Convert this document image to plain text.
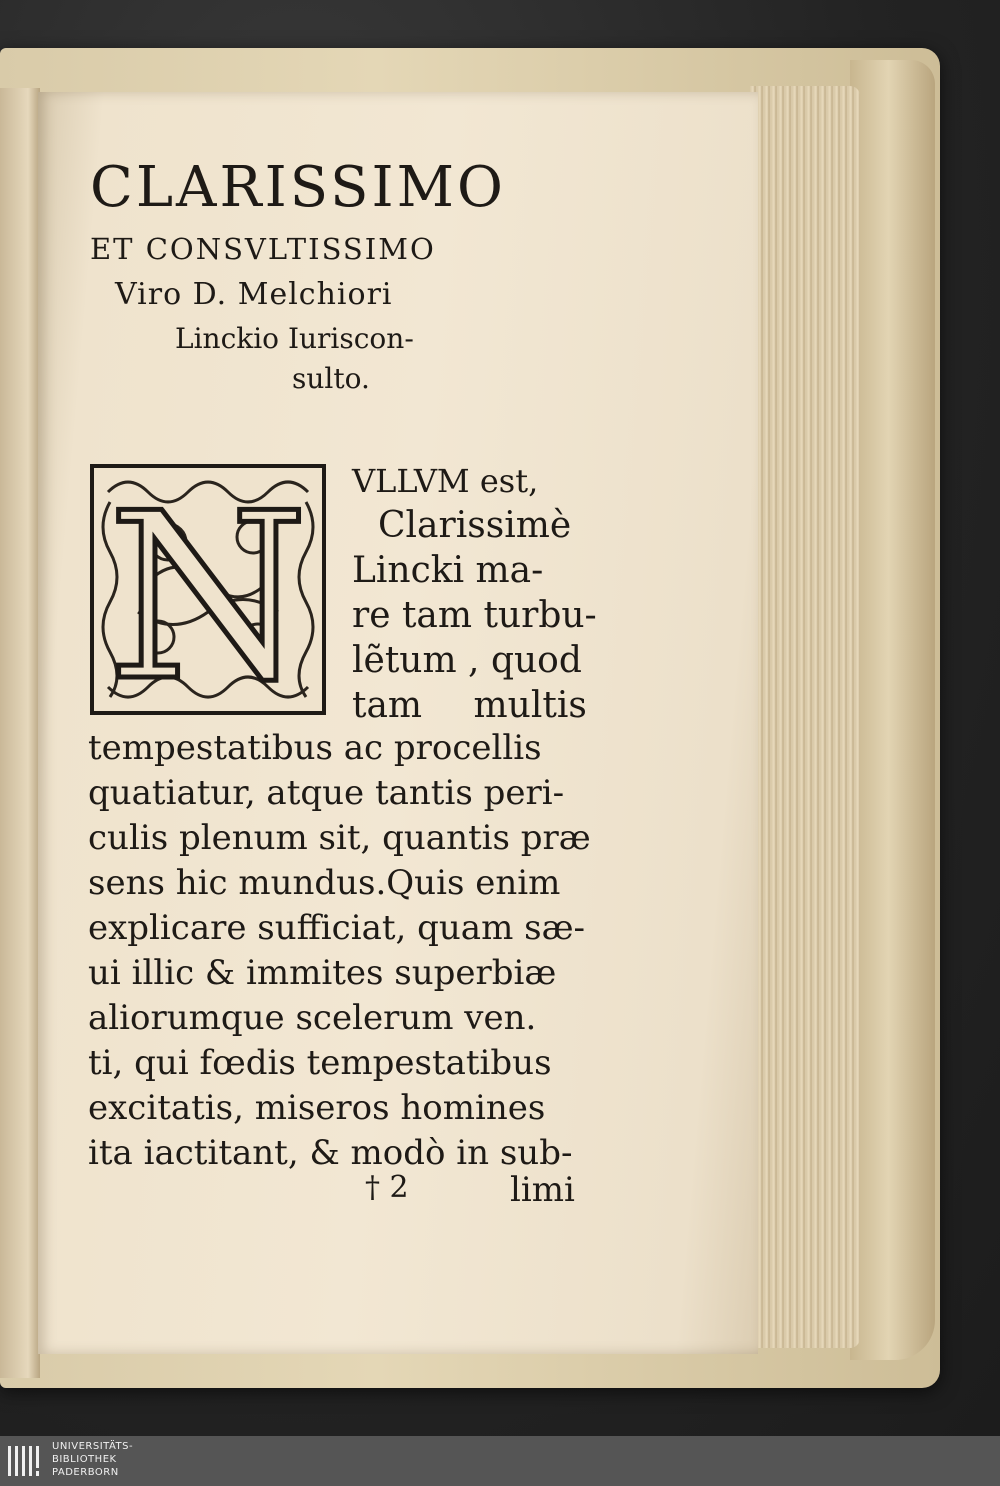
CLARISSIMO
ET CONSVLTISSIMO
Viro D. Melchiori
Linckio Iuriscon-
sulto.
N VLLVM est,
Clarissimè
Lincki ma-
re tam turbu-
lẽtum , quod
tam multis
tempestatibus ac procellis
quatiatur, atque tantis peri-
culis plenum sit, quantis præ
sens hic mundus.Quis enim
explicare sufficiat, quam sæ-
ui illic & immites superbiæ
aliorumque scelerum ven.
ti, qui fœdis tempestatibus
excitatis, miseros homines
ita iactitant, & modò in sub-
† 2	limi
UNIVERSITÄTS-
BIBLIOTHEK
PADERBORN
